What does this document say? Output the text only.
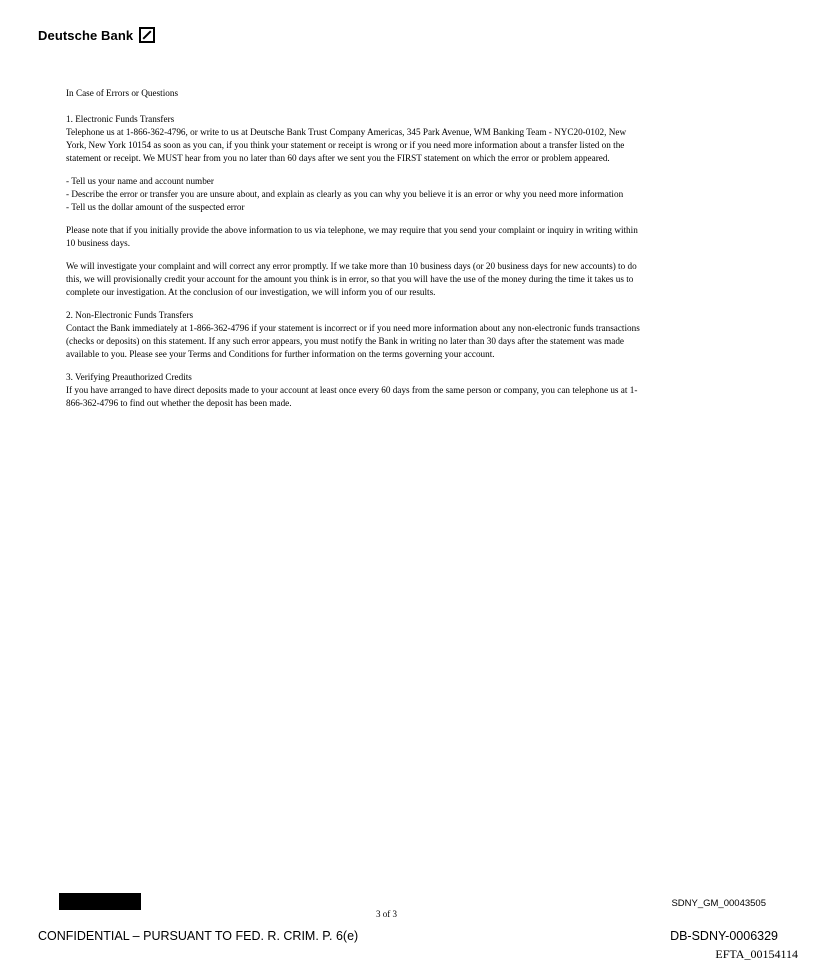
Deutsche Bank

In Case of Errors or Questions

1. Electronic Funds Transfers
Telephone us at 1-866-362-4796, or write to us at Deutsche Bank Trust Company Americas, 345 Park Avenue, WM Banking Team - NYC20-0102, New York, New York 10154 as soon as you can, if you think your statement or receipt is wrong or if you need more information about a transfer listed on the statement or receipt. We MUST hear from you no later than 60 days after we sent you the FIRST statement on which the error or problem appeared.

- Tell us your name and account number
- Describe the error or transfer you are unsure about, and explain as clearly as you can why you believe it is an error or why you need more information
- Tell us the dollar amount of the suspected error

Please note that if you initially provide the above information to us via telephone, we may require that you send your complaint or inquiry in writing within 10 business days.

We will investigate your complaint and will correct any error promptly. If we take more than 10 business days (or 20 business days for new accounts) to do this, we will provisionally credit your account for the amount you think is in error, so that you will have the use of the money during the time it takes us to complete our investigation. At the conclusion of our investigation, we will inform you of our results.

2. Non-Electronic Funds Transfers
Contact the Bank immediately at 1-866-362-4796 if your statement is incorrect or if you need more information about any non-electronic funds transactions (checks or deposits) on this statement. If any such error appears, you must notify the Bank in writing no later than 30 days after the statement was made available to you. Please see your Terms and Conditions for further information on the terms governing your account.

3. Verifying Preauthorized Credits
If you have arranged to have direct deposits made to your account at least once every 60 days from the same person or company, you can telephone us at 1-866-362-4796 to find out whether the deposit has been made.

3 of 3
SDNY_GM_00043505
CONFIDENTIAL – PURSUANT TO FED. R. CRIM. P. 6(e)	DB-SDNY-0006329
EFTA_00154114
